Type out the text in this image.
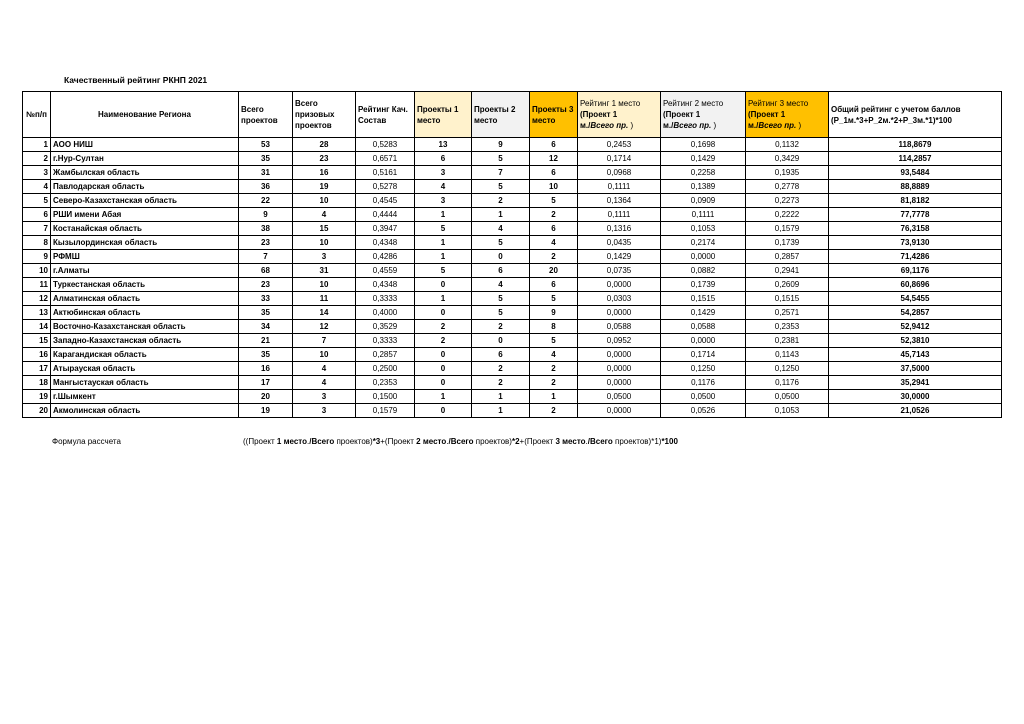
Качественный рейтинг РКНП 2021
№п/п	Наименование Региона	Всего проектов	Всего призовых проектов	Рейтинг Кач. Состав	Проекты 1 место	Проекты 2 место	Проекты 3 место	Рейтинг 1 место
(Проект 1
м./Всего пр. )	Рейтинг 2 место
(Проект 1
м./Всего пр. )	Рейтинг 3 место
(Проект 1
м./Всего пр. )	Общий рейтинг с учетом баллов
(Р_1м.*3+Р_2м.*2+Р_3м.*1)*100
1	АОО НИШ	53	28	0,5283	13	9	6	0,2453	0,1698	0,1132	118,8679
2	г.Нур-Султан	35	23	0,6571	6	5	12	0,1714	0,1429	0,3429	114,2857
3	Жамбылская область	31	16	0,5161	3	7	6	0,0968	0,2258	0,1935	93,5484
4	Павлодарская область	36	19	0,5278	4	5	10	0,1111	0,1389	0,2778	88,8889
5	Северо-Казахстанская область	22	10	0,4545	3	2	5	0,1364	0,0909	0,2273	81,8182
6	РШИ имени Абая	9	4	0,4444	1	1	2	0,1111	0,1111	0,2222	77,7778
7	Костанайская область	38	15	0,3947	5	4	6	0,1316	0,1053	0,1579	76,3158
8	Кызылординская область	23	10	0,4348	1	5	4	0,0435	0,2174	0,1739	73,9130
9	РФМШ	7	3	0,4286	1	0	2	0,1429	0,0000	0,2857	71,4286
10	г.Алматы	68	31	0,4559	5	6	20	0,0735	0,0882	0,2941	69,1176
11	Туркестанская область	23	10	0,4348	0	4	6	0,0000	0,1739	0,2609	60,8696
12	Алматинская область	33	11	0,3333	1	5	5	0,0303	0,1515	0,1515	54,5455
13	Актюбинская область	35	14	0,4000	0	5	9	0,0000	0,1429	0,2571	54,2857
14	Восточно-Казахстанская область	34	12	0,3529	2	2	8	0,0588	0,0588	0,2353	52,9412
15	Западно-Казахстанская область	21	7	0,3333	2	0	5	0,0952	0,0000	0,2381	52,3810
16	Карагандиская область	35	10	0,2857	0	6	4	0,0000	0,1714	0,1143	45,7143
17	Атырауская область	16	4	0,2500	0	2	2	0,0000	0,1250	0,1250	37,5000
18	Мангыстауская область	17	4	0,2353	0	2	2	0,0000	0,1176	0,1176	35,2941
19	г.Шымкент	20	3	0,1500	1	1	1	0,0500	0,0500	0,0500	30,0000
20	Акмолинская область	19	3	0,1579	0	1	2	0,0000	0,0526	0,1053	21,0526
Формула рассчета	((Проект 1 место./Всего проектов)*3+(Проект 2 место./Всего проектов)*2+(Проект 3 место./Всего проектов)*1)*100
